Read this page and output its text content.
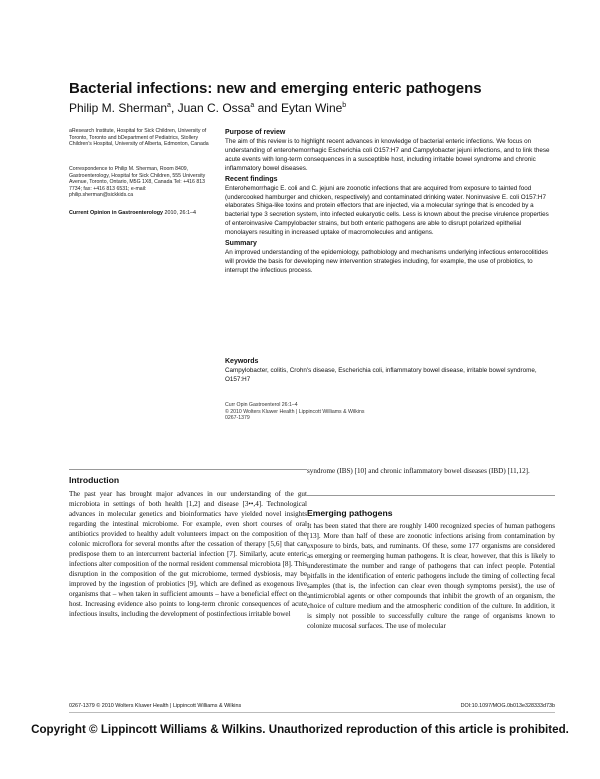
Bacterial infections: new and emerging enteric pathogens
Philip M. Sherman$^a$, Juan C. Ossa$^a$ and Eytan Wine$^b$
aResearch Institute, Hospital for Sick Children, University of Toronto, Toronto and bDepartment of Pediatrics, Stollery Children's Hospital, University of Alberta, Edmonton, Canada
Correspondence to Philip M. Sherman, Room 8409, Gastroenterology, Hospital for Sick Children, 555 University Avenue, Toronto, Ontario, M5G 1X8, Canada Tel: +416 813 7734; fax: +416 813 6531; e-mail: philip.sherman@sickkids.ca
Current Opinion in Gastroenterology 2010, 26:1–4
Purpose of review

The aim of this review is to highlight recent advances in knowledge of bacterial enteric infections. We focus on understanding of enterohemorrhagic Escherichia coli O157:H7 and Campylobacter jejuni infections, and to link these acute events with long-term consequences in a susceptible host, including irritable bowel syndrome and chronic inflammatory bowel diseases.

Recent findings

Enterohemorrhagic E. coli and C. jejuni are zoonotic infections that are acquired from exposure to tainted food (undercooked hamburger and chicken, respectively) and contaminated drinking water. Noninvasive E. coli O157:H7 elaborates Shiga-like toxins and protein effectors that are injected, via a molecular syringe that is encoded by a bacterial type 3 secretion system, into infected eukaryotic cells. Less is known about the precise virulence properties of enteroinvasive Campylobacter strains, but both enteric pathogens are able to disrupt polarized epithelial monolayers resulting in increased uptake of macromolecules and antigens.

Summary

An improved understanding of the epidemiology, pathobiology and mechanisms underlying infectious enterocolitides will provide the basis for developing new intervention strategies including, for example, the use of probiotics, to interrupt the infectious process.

Keywords

Campylobacter, colitis, Crohn's disease, Escherichia coli, inflammatory bowel disease, irritable bowel syndrome, O157:H7

Curr Opin Gastroenterol 26:1–4
© 2010 Wolters Kluwer Health | Lippincott Williams & Wilkins
0267-1379
Introduction

The past year has brought major advances in our understanding of the gut microbiota in settings of both health [1,2] and disease [3••,4]. Technological advances in molecular genetics and bioinformatics have yielded novel insights regarding the intestinal microbiome. For example, even short courses of oral antibiotics provided to healthy adult volunteers impact on the composition of the colonic microflora for several months after the cessation of therapy [5,6] that can predispose them to an intercurrent bacterial infection [7]. Similarly, acute enteric infections alter composition of the normal resident commensal microbiota [8]. This disruption in the composition of the gut microbiome, termed dysbiosis, may be improved by the ingestion of probiotics [9], which are defined as exogenous live organisms that – when taken in sufficient amounts – have a beneficial effect on the host. Increasing evidence also points to long-term chronic consequences of acute infectious insults, including the development of postinfectious irritable bowel

syndrome (IBS) [10] and chronic inflammatory bowel diseases (IBD) [11,12].

Emerging pathogens

It has been stated that there are roughly 1400 recognized species of human pathogens [13]. More than half of these are zoonotic infections arising from contamination by exposure to birds, bats, and ruminants. Of these, some 177 organisms are considered as emerging or reemerging human pathogens. It is clear, however, that this is likely to underestimate the number and range of pathogens that can infect people. Potential pitfalls in the identification of enteric pathogens include the timing of collecting fecal samples (that is, the infection can clear even though symptoms persist), the use of antimicrobial agents or other compounds that inhibit the growth of an organism, the choice of culture medium and the atmospheric condition of the culture. In addition, it is simply not possible to successfully culture the range of organisms known to colonize mucosal surfaces. The use of molecular

0267-1379 © 2010 Wolters Kluwer Health | Lippincott Williams & Wilkins	DOI:10.1097/MOG.0b013e328333d73b
Copyright © Lippincott Williams & Wilkins. Unauthorized reproduction of this article is prohibited.
